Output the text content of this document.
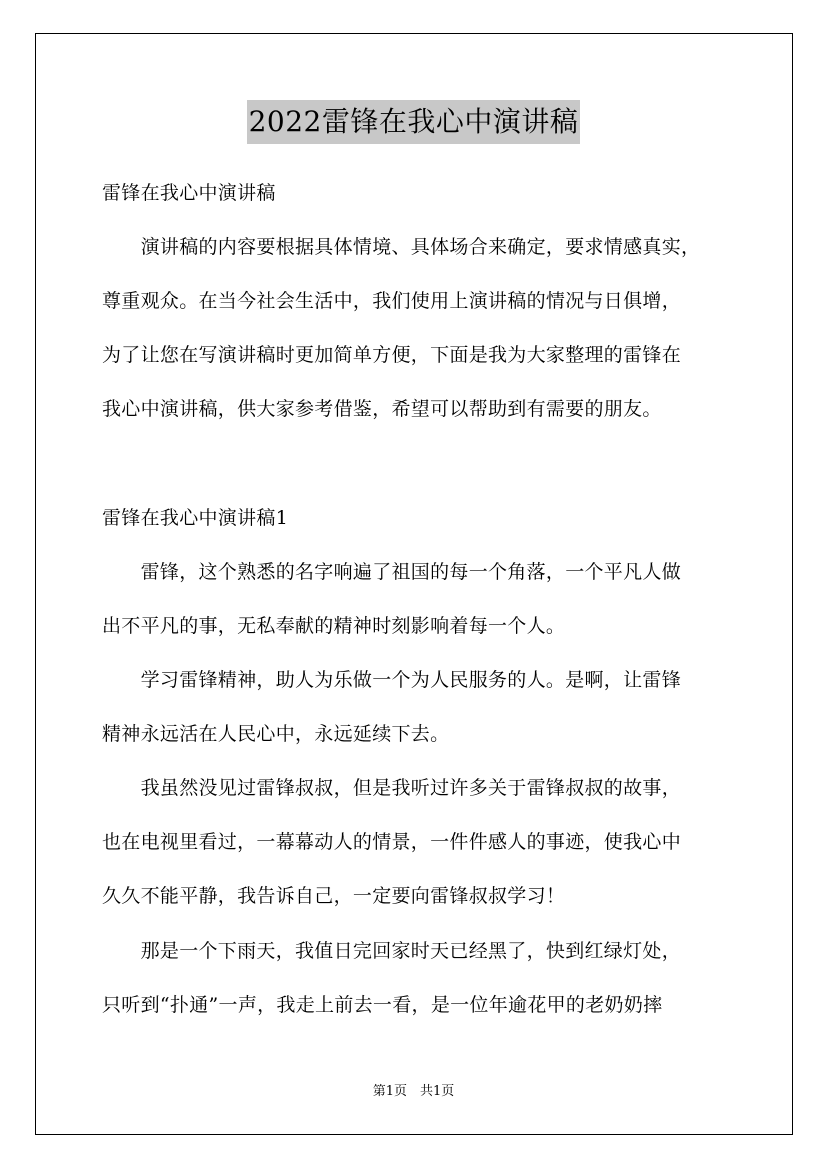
2022雷锋在我心中演讲稿
雷锋在我心中演讲稿
　　演讲稿的内容要根据具体情境、具体场合来确定，要求情感真实，
尊重观众。在当今社会生活中，我们使用上演讲稿的情况与日俱增，
为了让您在写演讲稿时更加简单方便，下面是我为大家整理的雷锋在
我心中演讲稿，供大家参考借鉴，希望可以帮助到有需要的朋友。
雷锋在我心中演讲稿1
　　雷锋，这个熟悉的名字响遍了祖国的每一个角落，一个平凡人做
出不平凡的事，无私奉献的精神时刻影响着每一个人。
　　学习雷锋精神，助人为乐做一个为人民服务的人。是啊，让雷锋
精神永远活在人民心中，永远延续下去。
　　我虽然没见过雷锋叔叔，但是我听过许多关于雷锋叔叔的故事，
也在电视里看过，一幕幕动人的情景，一件件感人的事迹，使我心中
久久不能平静，我告诉自己，一定要向雷锋叔叔学习！
　　那是一个下雨天，我值日完回家时天已经黑了，快到红绿灯处，
只听到“扑通”一声，我走上前去一看，是一位年逾花甲的老奶奶摔
第1页　共1页
